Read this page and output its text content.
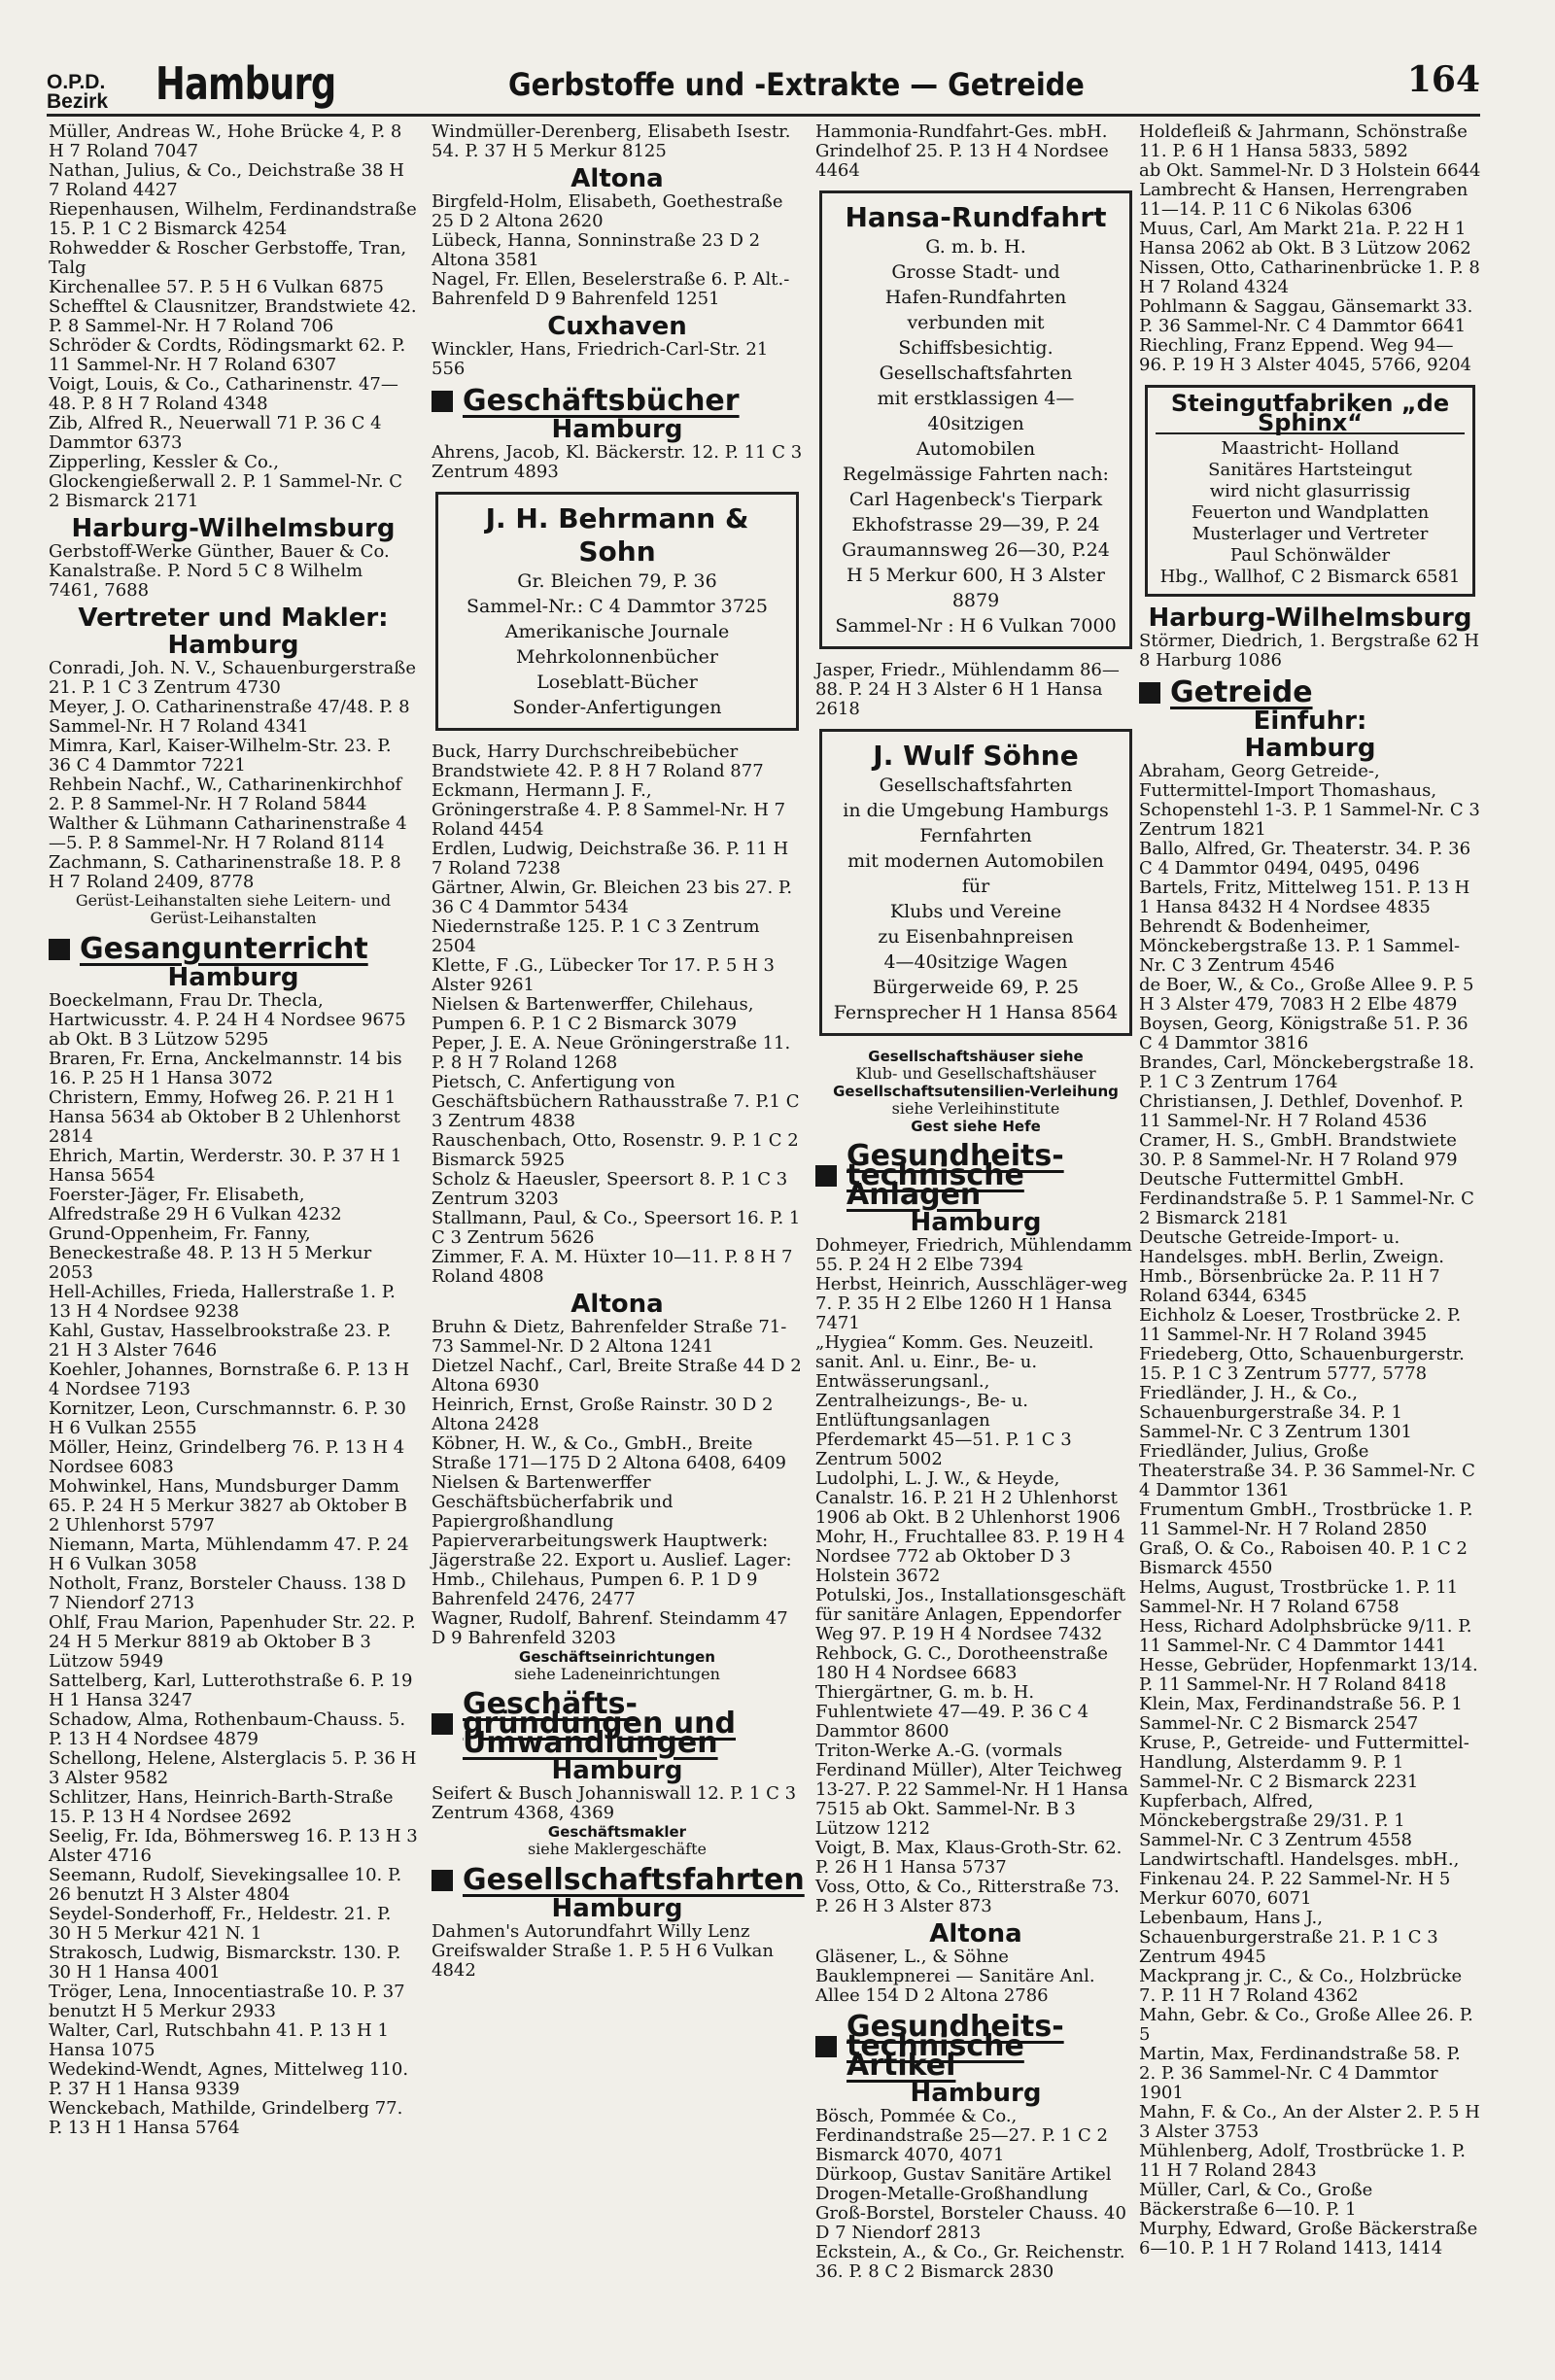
O.P.D.
Bezirk Hamburg	Gerbstoffe und -Extrakte — Getreide	164
Müller, Andreas W., Hohe Brücke 4, P. 8 H 7 Roland 7047
Nathan, Julius, & Co., Deichstraße 38 H 7 Roland 4427
Riepenhausen, Wilhelm, Ferdinandstraße 15. P. 1 C 2 Bismarck 4254
Rohwedder & Roscher Gerbstoffe, Tran, Talg
Kirchenallee 57. P. 5 H 6 Vulkan 6875
Schefftel & Clausnitzer, Brandstwiete 42. P. 8 Sammel-Nr. H 7 Roland 706
Schröder & Cordts, Rödingsmarkt 62. P. 11 Sammel-Nr. H 7 Roland 6307
Voigt, Louis, & Co., Catharinenstr. 47—48. P. 8 H 7 Roland 4348
Zib, Alfred R., Neuerwall 71 P. 36 C 4 Dammtor 6373
Zipperling, Kessler & Co., Glockengießerwall 2. P. 1 Sammel-Nr. C 2 Bismarck 2171
Harburg-Wilhelmsburg
Gerbstoff-Werke Günther, Bauer & Co.
Kanalstraße. P. Nord 5 C 8 Wilhelm 7461, 7688
Vertreter und Makler:
Hamburg
Conradi, Joh. N. V., Schauenburgerstraße 21. P. 1 C 3 Zentrum 4730
Meyer, J. O. Catharinenstraße 47/48. P. 8 Sammel-Nr. H 7 Roland 4341
Mimra, Karl, Kaiser-Wilhelm-Str. 23. P. 36 C 4 Dammtor 7221
Rehbein Nachf., W., Catharinenkirchhof 2. P. 8 Sammel-Nr. H 7 Roland 5844
Walther & Lühmann Catharinenstraße 4—5. P. 8 Sammel-Nr. H 7 Roland 8114
Zachmann, S. Catharinenstraße 18. P. 8 H 7 Roland 2409, 8778
Gerüst-Leihanstalten siehe Leitern- und Gerüst-Leihanstalten
Gesangunterricht
Hamburg
Boeckelmann, Frau Dr. Thecla, Hartwicusstr. 4. P. 24 H 4 Nordsee 9675 ab Okt. B 3 Lützow 5295
Braren, Fr. Erna, Anckelmannstr. 14 bis 16. P. 25 H 1 Hansa 3072
Christern, Emmy, Hofweg 26. P. 21 H 1 Hansa 5634 ab Oktober B 2 Uhlenhorst 2814
Ehrich, Martin, Werderstr. 30. P. 37 H 1 Hansa 5654
Foerster-Jäger, Fr. Elisabeth, Alfredstraße 29 H 6 Vulkan 4232
Grund-Oppenheim, Fr. Fanny, Beneckestraße 48. P. 13 H 5 Merkur 2053
Hell-Achilles, Frieda, Hallerstraße 1. P. 13 H 4 Nordsee 9238
Kahl, Gustav, Hasselbrookstraße 23. P. 21 H 3 Alster 7646
Koehler, Johannes, Bornstraße 6. P. 13 H 4 Nordsee 7193
Kornitzer, Leon, Curschmannstr. 6. P. 30 H 6 Vulkan 2555
Möller, Heinz, Grindelberg 76. P. 13 H 4 Nordsee 6083
Mohwinkel, Hans, Mundsburger Damm 65. P. 24 H 5 Merkur 3827 ab Oktober B 2 Uhlenhorst 5797
Niemann, Marta, Mühlendamm 47. P. 24 H 6 Vulkan 3058
Notholt, Franz, Borsteler Chauss. 138 D 7 Niendorf 2713
Ohlf, Frau Marion, Papenhuder Str. 22. P. 24 H 5 Merkur 8819 ab Oktober B 3 Lützow 5949
Sattelberg, Karl, Lutterothstraße 6. P. 19 H 1 Hansa 3247
Schadow, Alma, Rothenbaum-Chauss. 5. P. 13 H 4 Nordsee 4879
Schellong, Helene, Alsterglacis 5. P. 36 H 3 Alster 9582
Schlitzer, Hans, Heinrich-Barth-Straße 15. P. 13 H 4 Nordsee 2692
Seelig, Fr. Ida, Böhmersweg 16. P. 13 H 3 Alster 4716
Seemann, Rudolf, Sievekingsallee 10. P. 26 benutzt H 3 Alster 4804
Seydel-Sonderhoff, Fr., Heldestr. 21. P. 30 H 5 Merkur 421 N. 1
Strakosch, Ludwig, Bismarckstr. 130. P. 30 H 1 Hansa 4001
Tröger, Lena, Innocentiastraße 10. P. 37 benutzt H 5 Merkur 2933
Walter, Carl, Rutschbahn 41. P. 13 H 1 Hansa 1075
Wedekind-Wendt, Agnes, Mittelweg 110. P. 37 H 1 Hansa 9339
Wenckebach, Mathilde, Grindelberg 77. P. 13 H 1 Hansa 5764
Windmüller-Derenberg, Elisabeth Isestr. 54. P. 37 H 5 Merkur 8125
Altona
Birgfeld-Holm, Elisabeth, Goethestraße 25 D 2 Altona 2620
Lübeck, Hanna, Sonninstraße 23 D 2 Altona 3581
Nagel, Fr. Ellen, Beselerstraße 6. P. Alt.-Bahrenfeld D 9 Bahrenfeld 1251
Cuxhaven
Winckler, Hans, Friedrich-Carl-Str. 21 556
Geschäftsbücher
Hamburg
Ahrens, Jacob, Kl. Bäckerstr. 12. P. 11 C 3 Zentrum 4893
J. H. Behrmann & Sohn
Gr. Bleichen 79, P. 36
Sammel-Nr.: C 4 Dammtor 3725
Amerikanische Journale
Mehrkolonnenbücher
Loseblatt-Bücher
Sonder-Anfertigungen
Buck, Harry Durchschreibebücher Brandstwiete 42. P. 8 H 7 Roland 877
Eckmann, Hermann J. F., Gröningerstraße 4. P. 8 Sammel-Nr. H 7 Roland 4454
Erdlen, Ludwig, Deichstraße 36. P. 11 H 7 Roland 7238
Gärtner, Alwin, Gr. Bleichen 23 bis 27. P. 36 C 4 Dammtor 5434
Niedernstraße 125. P. 1 C 3 Zentrum 2504
Klette, F .G., Lübecker Tor 17. P. 5 H 3 Alster 9261
Nielsen & Bartenwerffer, Chilehaus, Pumpen 6. P. 1 C 2 Bismarck 3079
Peper, J. E. A. Neue Gröningerstraße 11. P. 8 H 7 Roland 1268
Pietsch, C. Anfertigung von Geschäftsbüchern Rathausstraße 7. P.1 C 3 Zentrum 4838
Rauschenbach, Otto, Rosenstr. 9. P. 1 C 2 Bismarck 5925
Scholz & Haeusler, Speersort 8. P. 1 C 3 Zentrum 3203
Stallmann, Paul, & Co., Speersort 16. P. 1 C 3 Zentrum 5626
Zimmer, F. A. M. Hüxter 10—11. P. 8 H 7 Roland 4808
Altona
Bruhn & Dietz, Bahrenfelder Straße 71-73 Sammel-Nr. D 2 Altona 1241
Dietzel Nachf., Carl, Breite Straße 44 D 2 Altona 6930
Heinrich, Ernst, Große Rainstr. 30 D 2 Altona 2428
Köbner, H. W., & Co., GmbH., Breite Straße 171—175 D 2 Altona 6408, 6409
Nielsen & Bartenwerffer Geschäftsbücherfabrik und Papiergroßhandlung Papierverarbeitungswerk Hauptwerk: Jägerstraße 22. Export u. Auslief. Lager: Hmb., Chilehaus, Pumpen 6. P. 1 D 9 Bahrenfeld 2476, 2477
Wagner, Rudolf, Bahrenf. Steindamm 47 D 9 Bahrenfeld 3203
Geschäftseinrichtungen
siehe Ladeneinrichtungen
Geschäfts-gründungen und Umwandlungen
Hamburg
Seifert & Busch Johanniswall 12. P. 1 C 3 Zentrum 4368, 4369
Geschäftsmakler
siehe Maklergeschäfte
Gesellschaftsfahrten
Hamburg
Dahmen's Autorundfahrt Willy Lenz Greifswalder Straße 1. P. 5 H 6 Vulkan 4842
Hammonia-Rundfahrt-Ges. mbH. Grindelhof 25. P. 13 H 4 Nordsee 4464
Hansa-Rundfahrt
G. m. b. H.
Grosse Stadt- und
Hafen-Rundfahrten
verbunden mit Schiffsbesichtig.
Gesellschaftsfahrten
mit erstklassigen 4—40sitzigen
Automobilen
Regelmässige Fahrten nach:
Carl Hagenbeck's Tierpark
Ekhofstrasse 29—39, P. 24
Graumannsweg 26—30, P.24
H 5 Merkur 600, H 3 Alster 8879
Sammel-Nr : H 6 Vulkan 7000
Jasper, Friedr., Mühlendamm 86—88. P. 24 H 3 Alster 6 H 1 Hansa 2618
J. Wulf Söhne
Gesellschaftsfahrten
in die Umgebung Hamburgs
Fernfahrten
mit modernen Automobilen für
Klubs und Vereine
zu Eisenbahnpreisen
4—40sitzige Wagen
Bürgerweide 69, P. 25
Fernsprecher H 1 Hansa 8564
Gesellschaftshäuser siehe
Klub- und Gesellschaftshäuser
Gesellschaftsutensilien-Verleihung
siehe Verleihinstitute
Gest siehe Hefe
Gesundheits-technische Anlagen
Hamburg
Dohmeyer, Friedrich, Mühlendamm 55. P. 24 H 2 Elbe 7394
Herbst, Heinrich, Ausschläger-weg 7. P. 35 H 2 Elbe 1260 H 1 Hansa 7471
„Hygiea“ Komm. Ges. Neuzeitl. sanit. Anl. u. Einr., Be- u. Entwässerungsanl., Zentralheizungs-, Be- u. Entlüftungsanlagen
Pferdemarkt 45—51. P. 1 C 3 Zentrum 5002
Ludolphi, L. J. W., & Heyde, Canalstr. 16. P. 21 H 2 Uhlenhorst 1906 ab Okt. B 2 Uhlenhorst 1906
Mohr, H., Fruchtallee 83. P. 19 H 4 Nordsee 772 ab Oktober D 3 Holstein 3672
Potulski, Jos., Installationsgeschäft für sanitäre Anlagen, Eppendorfer Weg 97. P. 19 H 4 Nordsee 7432
Rehbock, G. C., Dorotheenstraße 180 H 4 Nordsee 6683
Thiergärtner, G. m. b. H. Fuhlentwiete 47—49. P. 36 C 4 Dammtor 8600
Triton-Werke A.-G. (vormals Ferdinand Müller), Alter Teichweg 13-27. P. 22 Sammel-Nr. H 1 Hansa 7515 ab Okt. Sammel-Nr. B 3 Lützow 1212
Voigt, B. Max, Klaus-Groth-Str. 62. P. 26 H 1 Hansa 5737
Voss, Otto, & Co., Ritterstraße 73. P. 26 H 3 Alster 873
Altona
Gläsener, L., & Söhne Bauklempnerei — Sanitäre Anl. Allee 154 D 2 Altona 2786
Gesundheits-technische Artikel
Hamburg
Bösch, Pommée & Co., Ferdinandstraße 25—27. P. 1 C 2 Bismarck 4070, 4071
Dürkoop, Gustav Sanitäre Artikel Drogen-Metalle-Großhandlung Groß-Borstel, Borsteler Chauss. 40 D 7 Niendorf 2813
Eckstein, A., & Co., Gr. Reichenstr. 36. P. 8 C 2 Bismarck 2830
Holdefleiß & Jahrmann, Schönstraße 11. P. 6 H 1 Hansa 5833, 5892
ab Okt. Sammel-Nr. D 3 Holstein 6644
Lambrecht & Hansen, Herrengraben 11—14. P. 11 C 6 Nikolas 6306
Muus, Carl, Am Markt 21a. P. 22 H 1 Hansa 2062 ab Okt. B 3 Lützow 2062
Nissen, Otto, Catharinenbrücke 1. P. 8 H 7 Roland 4324
Pohlmann & Saggau, Gänsemarkt 33. P. 36 Sammel-Nr. C 4 Dammtor 6641
Riechling, Franz Eppend. Weg 94—96. P. 19 H 3 Alster 4045, 5766, 9204
Steingutfabriken „de Sphinx“
Maastricht- Holland
Sanitäres Hartsteingut
wird nicht glasurrissig
Feuerton und Wandplatten
Musterlager und Vertreter
Paul Schönwälder
Hbg., Wallhof, C 2 Bismarck 6581
Harburg-Wilhelmsburg
Störmer, Diedrich, 1. Bergstraße 62 H 8 Harburg 1086
Getreide
Einfuhr:
Hamburg
Abraham, Georg Getreide-, Futtermittel-Import Thomashaus, Schopenstehl 1-3. P. 1 Sammel-Nr. C 3 Zentrum 1821
Ballo, Alfred, Gr. Theaterstr. 34. P. 36 C 4 Dammtor 0494, 0495, 0496
Bartels, Fritz, Mittelweg 151. P. 13 H 1 Hansa 8432 H 4 Nordsee 4835
Behrendt & Bodenheimer, Mönckebergstraße 13. P. 1 Sammel-Nr. C 3 Zentrum 4546
de Boer, W., & Co., Große Allee 9. P. 5 H 3 Alster 479, 7083 H 2 Elbe 4879
Boysen, Georg, Königstraße 51. P. 36 C 4 Dammtor 3816
Brandes, Carl, Mönckebergstraße 18. P. 1 C 3 Zentrum 1764
Christiansen, J. Dethlef, Dovenhof. P. 11 Sammel-Nr. H 7 Roland 4536
Cramer, H. S., GmbH. Brandstwiete 30. P. 8 Sammel-Nr. H 7 Roland 979
Deutsche Futtermittel GmbH. Ferdinandstraße 5. P. 1 Sammel-Nr. C 2 Bismarck 2181
Deutsche Getreide-Import- u. Handelsges. mbH. Berlin, Zweign. Hmb., Börsenbrücke 2a. P. 11 H 7 Roland 6344, 6345
Eichholz & Loeser, Trostbrücke 2. P. 11 Sammel-Nr. H 7 Roland 3945
Friedeberg, Otto, Schauenburgerstr. 15. P. 1 C 3 Zentrum 5777, 5778
Friedländer, J. H., & Co., Schauenburgerstraße 34. P. 1 Sammel-Nr. C 3 Zentrum 1301
Friedländer, Julius, Große Theaterstraße 34. P. 36 Sammel-Nr. C 4 Dammtor 1361
Frumentum GmbH., Trostbrücke 1. P. 11 Sammel-Nr. H 7 Roland 2850
Graß, O. & Co., Raboisen 40. P. 1 C 2 Bismarck 4550
Helms, August, Trostbrücke 1. P. 11 Sammel-Nr. H 7 Roland 6758
Hess, Richard Adolphsbrücke 9/11. P. 11 Sammel-Nr. C 4 Dammtor 1441
Hesse, Gebrüder, Hopfenmarkt 13/14. P. 11 Sammel-Nr. H 7 Roland 8418
Klein, Max, Ferdinandstraße 56. P. 1 Sammel-Nr. C 2 Bismarck 2547
Kruse, P., Getreide- und Futtermittel-Handlung, Alsterdamm 9. P. 1 Sammel-Nr. C 2 Bismarck 2231
Kupferbach, Alfred, Mönckebergstraße 29/31. P. 1 Sammel-Nr. C 3 Zentrum 4558
Landwirtschaftl. Handelsges. mbH., Finkenau 24. P. 22 Sammel-Nr. H 5 Merkur 6070, 6071
Lebenbaum, Hans J., Schauenburgerstraße 21. P. 1 C 3 Zentrum 4945
Mackprang jr. C., & Co., Holzbrücke 7. P. 11 H 7 Roland 4362
Mahn, Gebr. & Co., Große Allee 26. P. 5
Martin, Max, Ferdinandstraße 58. P. 2. P. 36 Sammel-Nr. C 4 Dammtor 1901
Mahn, F. & Co., An der Alster 2. P. 5 H 3 Alster 3753
Mühlenberg, Adolf, Trostbrücke 1. P. 11 H 7 Roland 2843
Müller, Carl, & Co., Große Bäckerstraße 6—10. P. 1
Murphy, Edward, Große Bäckerstraße 6—10. P. 1 H 7 Roland 1413, 1414
